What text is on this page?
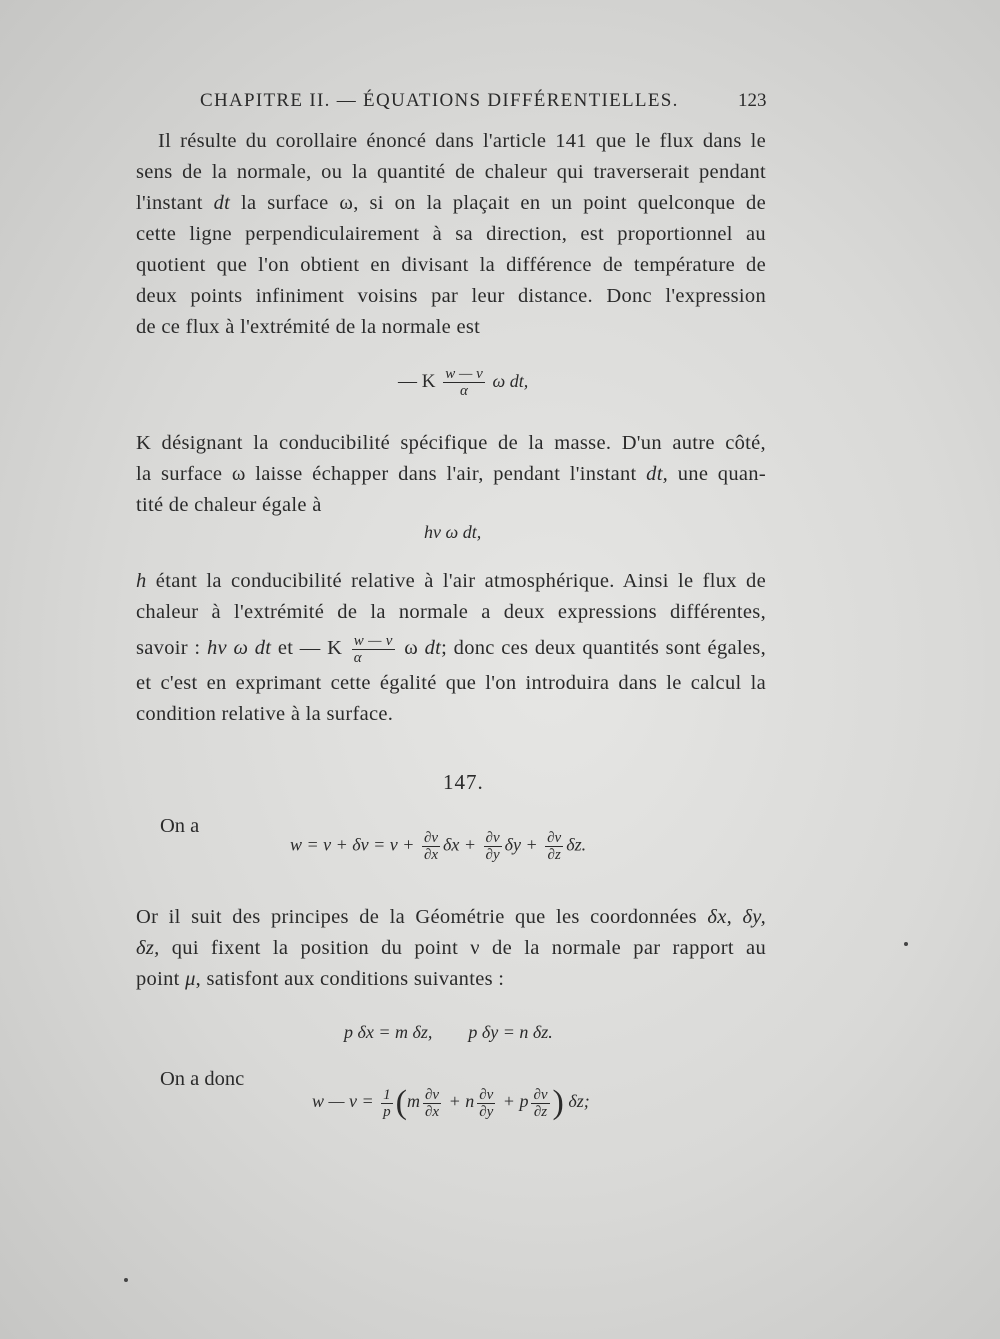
CHAPITRE II. — ÉQUATIONS DIFFÉRENTIELLES.	123
Il résulte du corollaire énoncé dans l'article 141 que le flux dans le
sens de la normale, ou la quantité de chaleur qui traverserait pendant
l'instant dt la surface ω, si on la plaçait en un point quelconque de
cette ligne perpendiculairement à sa direction, est proportionnel au
quotient que l'on obtient en divisant la différence de température de
deux points infiniment voisins par leur distance. Donc l'expression
de ce flux à l'extrémité de la normale est
— K $\frac{w — v}{\alpha}$ ω dt,
K désignant la conducibilité spécifique de la masse. D'un autre côté,
la surface ω laisse échapper dans l'air, pendant l'instant dt, une quan-
tité de chaleur égale à
hv ω dt,
h étant la conducibilité relative à l'air atmosphérique. Ainsi le flux de
chaleur à l'extrémité de la normale a deux expressions différentes,
savoir : hv ω dt et — K $\frac{w — v}{\alpha}$ ω dt; donc ces deux quantités sont égales,
et c'est en exprimant cette égalité que l'on introduira dans le calcul la
condition relative à la surface.
147.
On a
$w = v + \delta v = v + \frac{\partial v}{\partial x}$ $\delta x + \frac{\partial v}{\partial y}$ $\delta y + \frac{\partial v}{\partial z} \delta z$.
Or il suit des principes de la Géométrie que les coordonnées δx, δy,
δz, qui fixent la position du point ν de la normale par rapport au
point μ, satisfont aux conditions suivantes :
p δx = m δz, p δy = n δz.
On a donc
w — $v = \frac{1}{p} (m \frac{\partial v}{\partial x} + n \frac{\partial v}{\partial y} + p \frac{\partial v}{\partial z}$ ) δz;
